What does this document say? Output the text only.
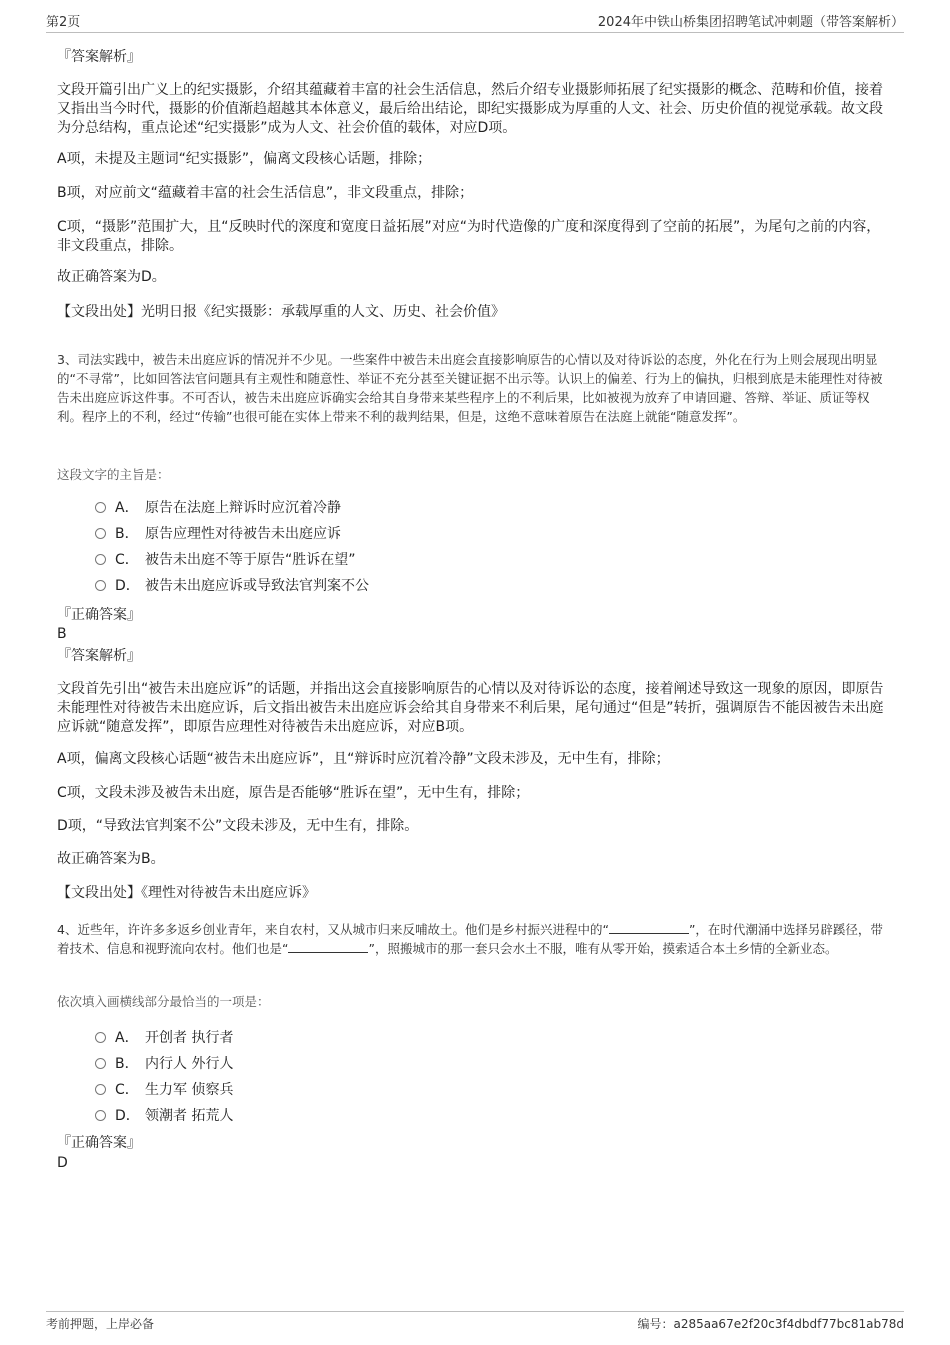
第2页	2024年中铁山桥集团招聘笔试冲刺题（带答案解析）
『答案解析』

文段开篇引出广义上的纪实摄影，介绍其蕴藏着丰富的社会生活信息，然后介绍专业摄影师拓展了纪实摄影的概念、范畴和价值，接着又指出当今时代，摄影的价值渐趋超越其本体意义，最后给出结论，即纪实摄影成为厚重的人文、社会、历史价值的视觉承载。故文段为分总结构，重点论述“纪实摄影”成为人文、社会价值的载体，对应D项。

A项，未提及主题词“纪实摄影”，偏离文段核心话题，排除；

B项，对应前文“蕴藏着丰富的社会生活信息”，非文段重点，排除；

C项，“摄影”范围扩大，且“反映时代的深度和宽度日益拓展”对应“为时代造像的广度和深度得到了空前的拓展”，为尾句之前的内容，非文段重点，排除。

故正确答案为D。

【文段出处】光明日报《纪实摄影：承载厚重的人文、历史、社会价值》

3、司法实践中，被告未出庭应诉的情况并不少见。一些案件中被告未出庭会直接影响原告的心情以及对待诉讼的态度，外化在行为上则会展现出明显的“不寻常”，比如回答法官问题具有主观性和随意性、举证不充分甚至关键证据不出示等。认识上的偏差、行为上的偏执，归根到底是未能理性对待被告未出庭应诉这件事。不可否认，被告未出庭应诉确实会给其自身带来某些程序上的不利后果，比如被视为放弃了申请回避、答辩、举证、质证等权利。程序上的不利，经过“传输”也很可能在实体上带来不利的裁判结果，但是，这绝不意味着原告在法庭上就能“随意发挥”。

这段文字的主旨是：

A． 原告在法庭上辩诉时应沉着冷静
B． 原告应理性对待被告未出庭应诉
C． 被告未出庭不等于原告“胜诉在望”
D． 被告未出庭应诉或导致法官判案不公
『正确答案』
B
『答案解析』

文段首先引出“被告未出庭应诉”的话题，并指出这会直接影响原告的心情以及对待诉讼的态度，接着阐述导致这一现象的原因，即原告未能理性对待被告未出庭应诉，后文指出被告未出庭应诉会给其自身带来不利后果，尾句通过“但是”转折，强调原告不能因被告未出庭应诉就“随意发挥”，即原告应理性对待被告未出庭应诉，对应B项。

A项，偏离文段核心话题“被告未出庭应诉”，且“辩诉时应沉着冷静”文段未涉及，无中生有，排除；

C项，文段未涉及被告未出庭，原告是否能够“胜诉在望”，无中生有，排除；

D项，“导致法官判案不公”文段未涉及，无中生有，排除。

故正确答案为B。

【文段出处】《理性对待被告未出庭应诉》

4、近些年，许许多多返乡创业青年，来自农村，又从城市归来反哺故土。他们是乡村振兴进程中的“	”，在时代潮涌中选择另辟蹊径，带着技术、信息和视野流向农村。他们也是“	”，照搬城市的那一套只会水土不服，唯有从零开始，摸索适合本土乡情的全新业态。

依次填入画横线部分最恰当的一项是：

A． 开创者 执行者
B． 内行人 外行人
C． 生力军 侦察兵
D． 领潮者 拓荒人
『正确答案』
D
考前押题，上岸必备	编号：a285aa67e2f20c3f4dbdf77bc81ab78d
